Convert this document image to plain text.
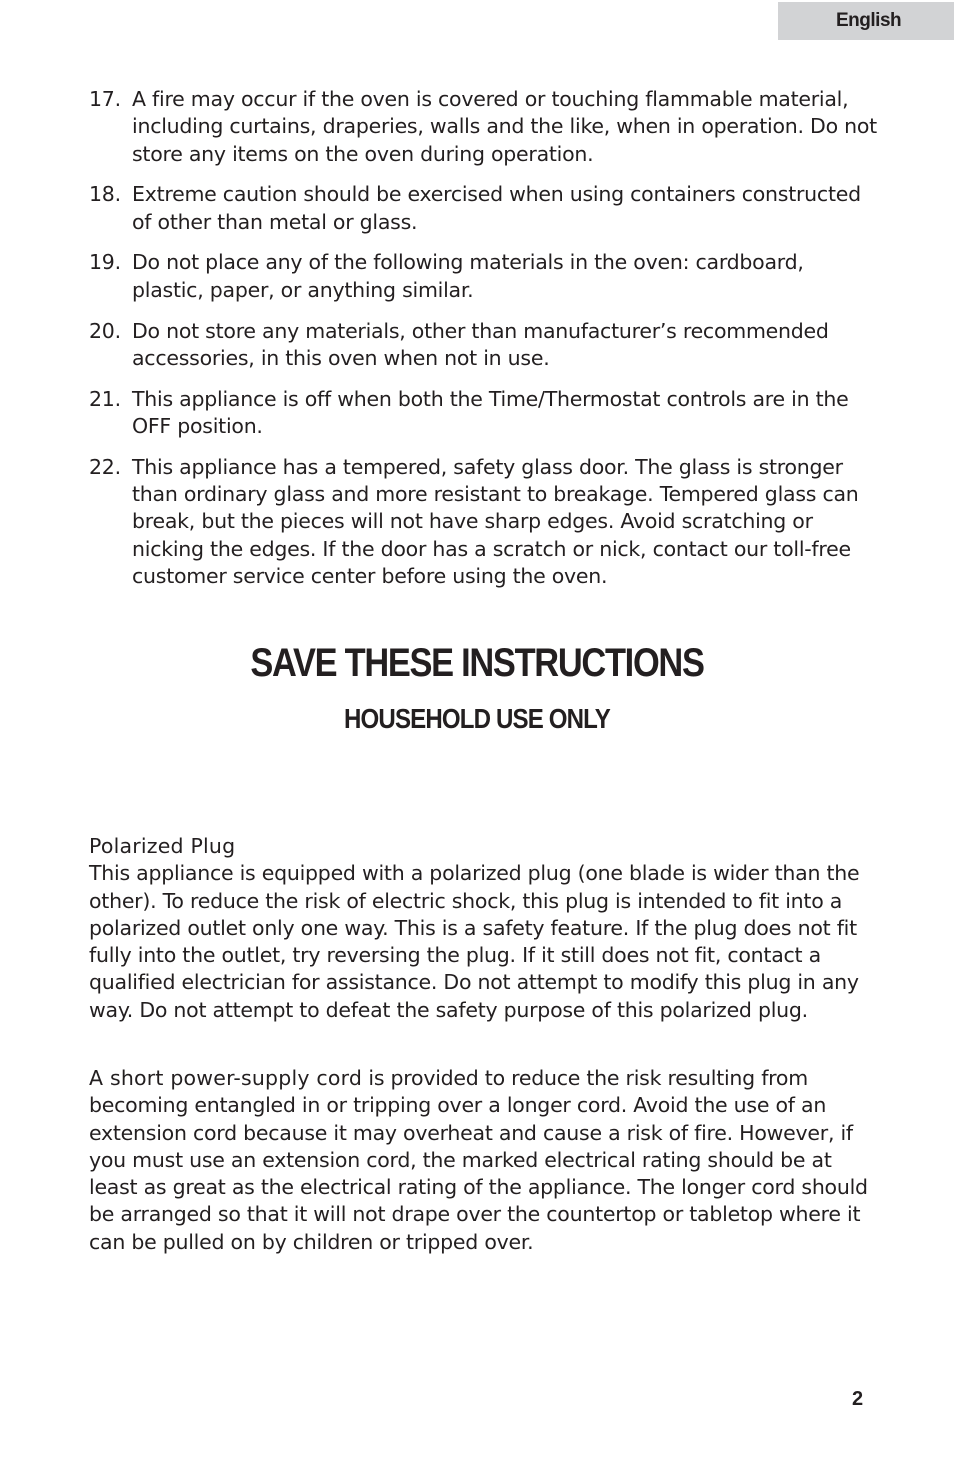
English
17. A fire may occur if the oven is covered or touching flammable material, including curtains, draperies, walls and the like, when in operation. Do not store any items on the oven during operation.
18. Extreme caution should be exercised when using containers constructed of other than metal or glass.
19. Do not place any of the following materials in the oven: cardboard, plastic, paper, or anything similar.
20. Do not store any materials, other than manufacturer’s recommended accessories, in this oven when not in use.
21. This appliance is off when both the Time/Thermostat controls are in the OFF position.
22. This appliance has a tempered, safety glass door. The glass is stronger than ordinary glass and more resistant to breakage. Tempered glass can break, but the pieces will not have sharp edges. Avoid scratching or nicking the edges. If the door has a scratch or nick, contact our toll-free customer service center before using the oven.
SAVE THESE INSTRUCTIONS
HOUSEHOLD USE ONLY
Polarized Plug
This appliance is equipped with a polarized plug (one blade is wider than the other). To reduce the risk of electric shock, this plug is intended to fit into a polarized outlet only one way. This is a safety feature. If the plug does not fit fully into the outlet, try reversing the plug. If it still does not fit, contact a qualified electrician for assistance. Do not attempt to modify this plug in any way. Do not attempt to defeat the safety purpose of this polarized plug.
A short power-supply cord is provided to reduce the risk resulting from becoming entangled in or tripping over a longer cord. Avoid the use of an extension cord because it may overheat and cause a risk of fire. However, if you must use an extension cord, the marked electrical rating should be at least as great as the electrical rating of the appliance. The longer cord should be arranged so that it will not drape over the countertop or tabletop where it can be pulled on by children or tripped over.
2
